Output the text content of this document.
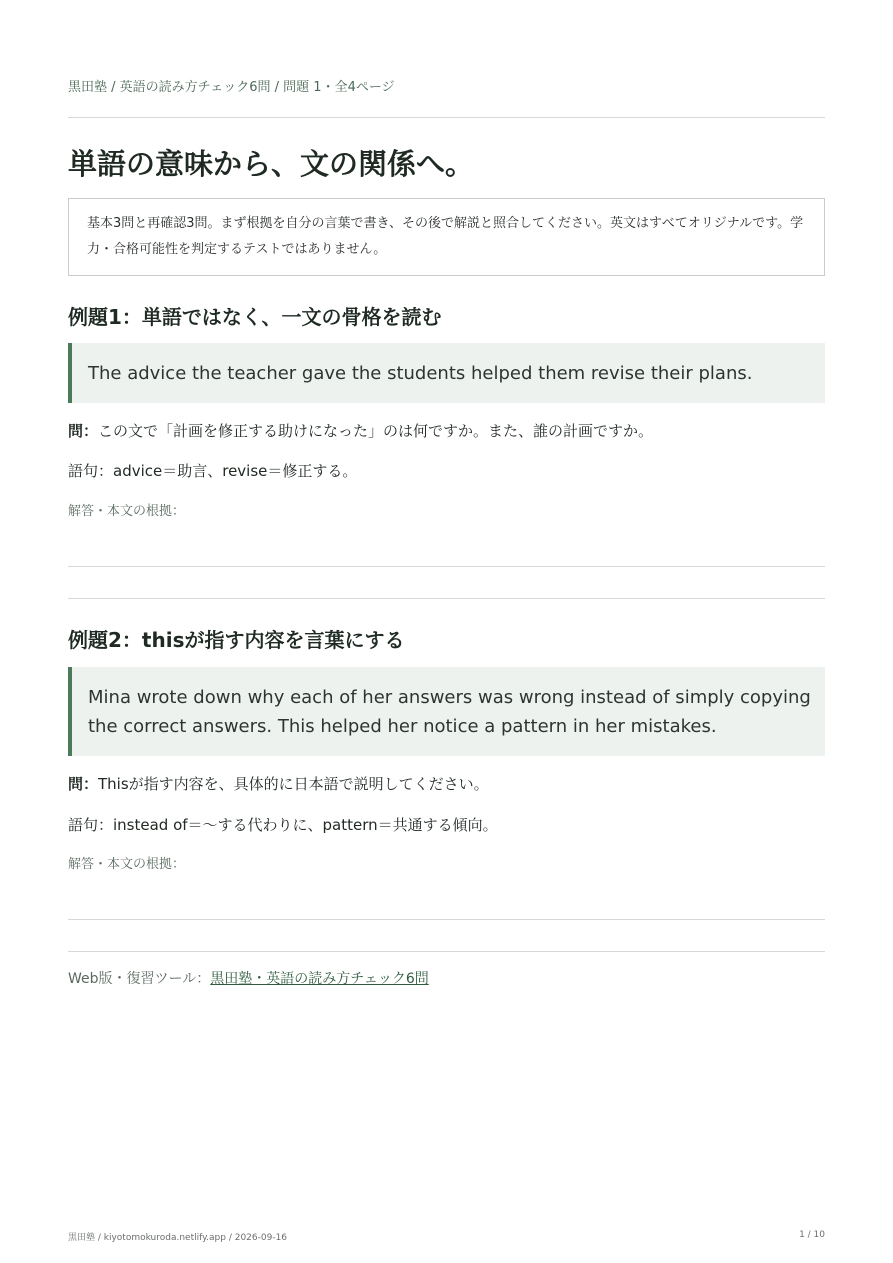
黒田塾 / 英語の読み方チェック6問 / 問題 1・全4ページ
単語の意味から、文の関係へ。
基本3問と再確認3問。まず根拠を自分の言葉で書き、その後で解説と照合してください。英文はすべてオリジナルです。学力・合格可能性を判定するテストではありません。
例題1：単語ではなく、一文の骨格を読む
The advice the teacher gave the students helped them revise their plans.
問：この文で「計画を修正する助けになった」のは何ですか。また、誰の計画ですか。
語句：advice＝助言、revise＝修正する。
解答・本文の根拠：
例題2：thisが指す内容を言葉にする
Mina wrote down why each of her answers was wrong instead of simply copying the correct answers. This helped her notice a pattern in her mistakes.
問：Thisが指す内容を、具体的に日本語で説明してください。
語句：instead of＝〜する代わりに、pattern＝共通する傾向。
解答・本文の根拠：
Web版・復習ツール：黒田塾・英語の読み方チェック6問
黒田塾 / kiyotomokuroda.netlify.app / 2026-09-16	1 / 10
